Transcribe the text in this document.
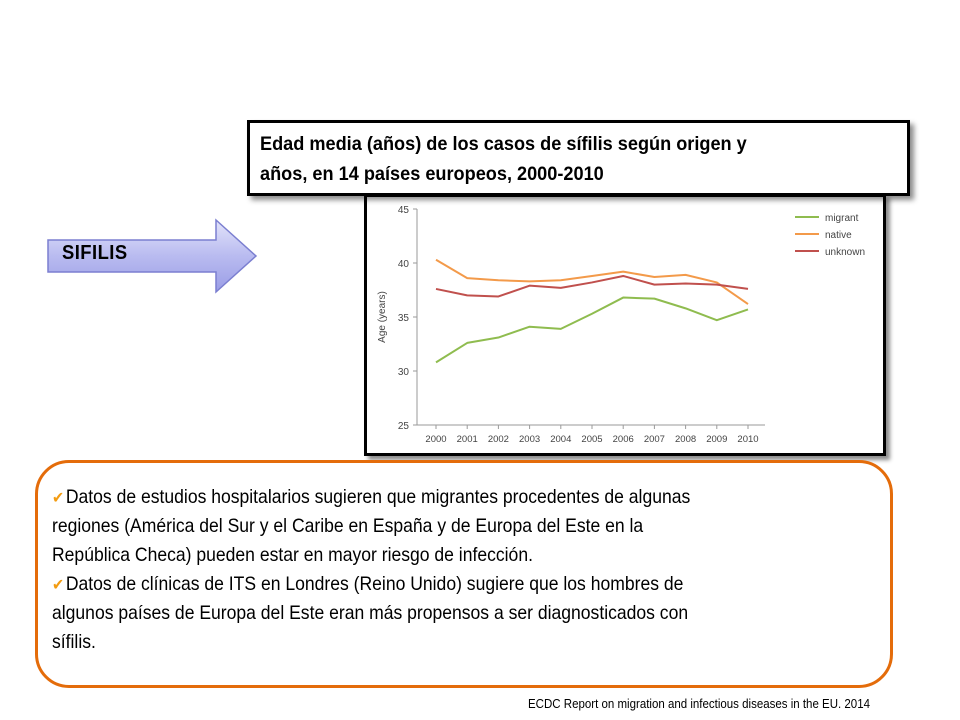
SIFILIS
25
30
35
40
45
2000 2001 2002 2003 2004 2005 2006 2007 2008 2009 2010
Age (years)
migrant
native
unknown
Edad media (años) de los casos de sífilis según origen y
años, en 14 países europeos, 2000-2010
✔Datos de estudios hospitalarios sugieren que migrantes procedentes de algunas
regiones (América del Sur y el Caribe en España y de Europa del Este en la
República Checa) pueden estar en mayor riesgo de infección.
✔Datos de clínicas de ITS en Londres (Reino Unido) sugiere que los hombres de
algunos países de Europa del Este eran más propensos a ser diagnosticados con
sífilis.
ECDC Report on migration and infectious diseases in the EU. 2014
